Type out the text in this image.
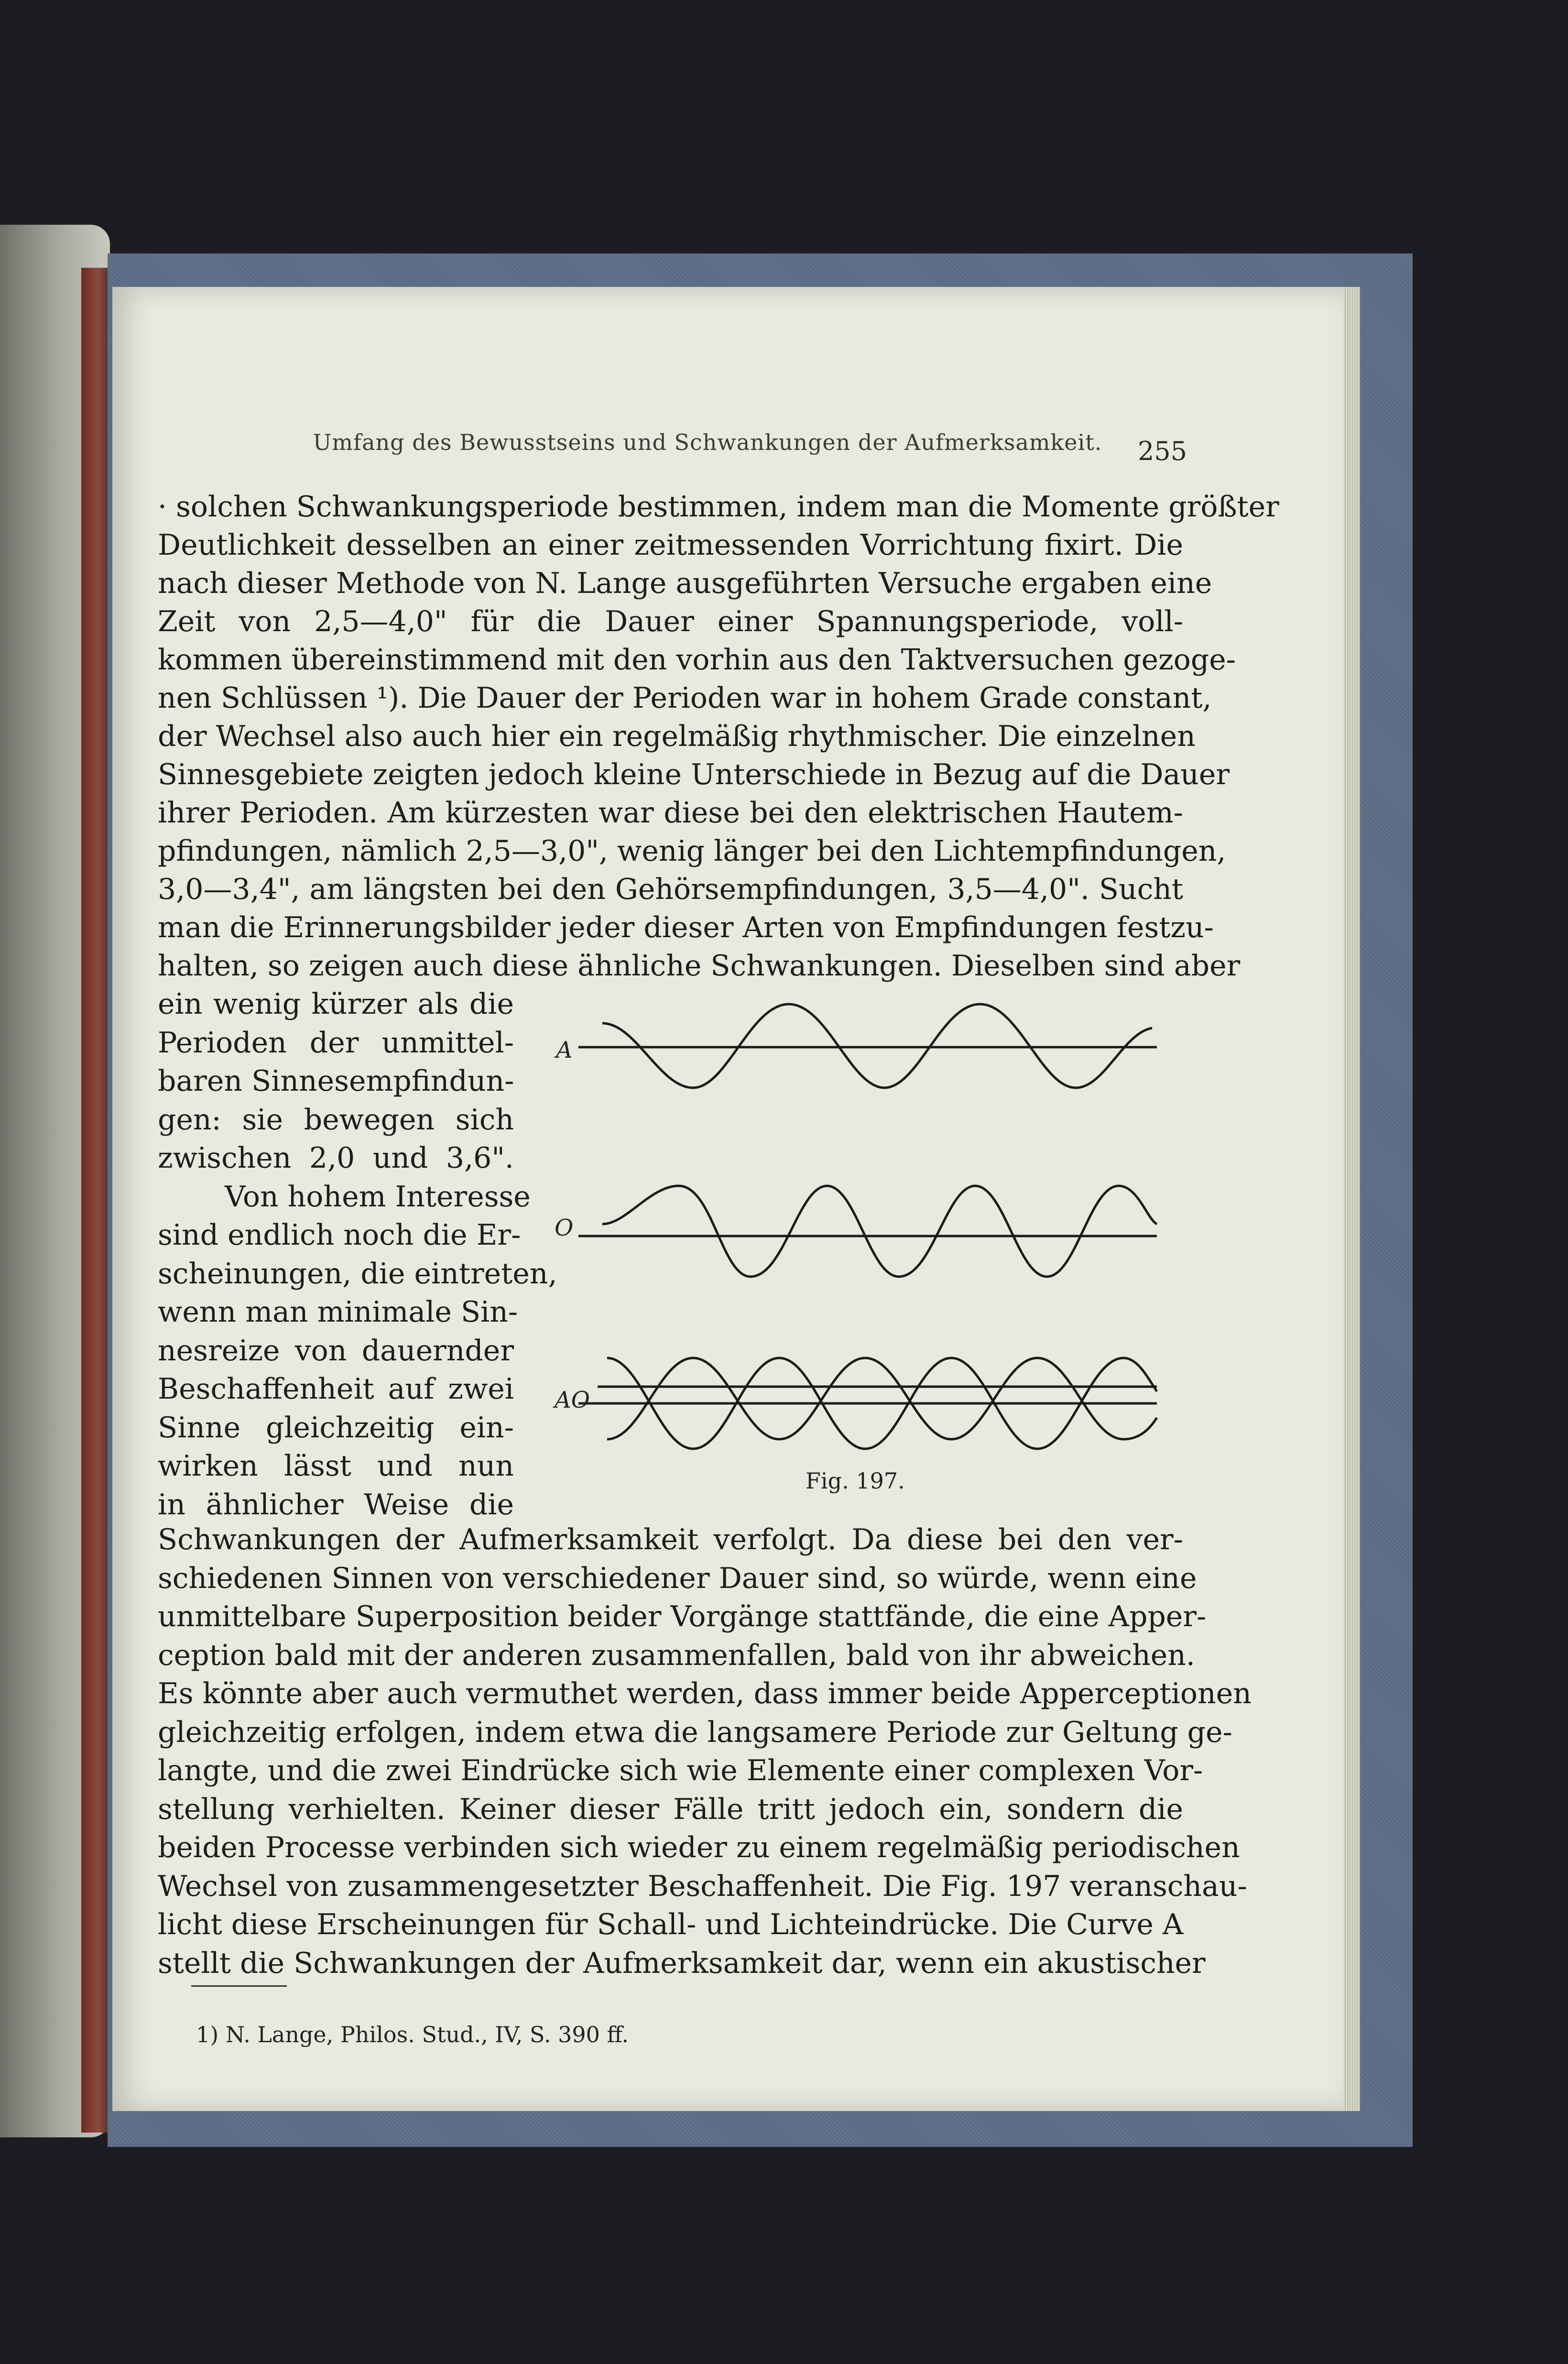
Umfang des Bewusstseins und Schwankungen der Aufmerksamkeit.	255
· solchen Schwankungsperiode bestimmen, indem man die Momente größter
Deutlichkeit desselben an einer zeitmessenden Vorrichtung fixirt. Die
nach dieser Methode von N. Lange ausgeführten Versuche ergaben eine
Zeit von 2,5—4,0" für die Dauer einer Spannungsperiode, voll-
kommen übereinstimmend mit den vorhin aus den Taktversuchen gezoge-
nen Schlüssen ¹). Die Dauer der Perioden war in hohem Grade constant,
der Wechsel also auch hier ein regelmäßig rhythmischer. Die einzelnen
Sinnesgebiete zeigten jedoch kleine Unterschiede in Bezug auf die Dauer
ihrer Perioden. Am kürzesten war diese bei den elektrischen Hautem-
pfindungen, nämlich 2,5—3,0", wenig länger bei den Lichtempfindungen,
3,0—3,4", am längsten bei den Gehörsempfindungen, 3,5—4,0". Sucht
man die Erinnerungsbilder jeder dieser Arten von Empfindungen festzu-
halten, so zeigen auch diese ähnliche Schwankungen. Dieselben sind aber
ein wenig kürzer als die
Perioden der unmittel-
baren Sinnesempfindun-
gen: sie bewegen sich
zwischen 2,0 und 3,6".
Von hohem Interesse
sind endlich noch die Er-
scheinungen, die eintreten,
wenn man minimale Sin-
nesreize von dauernder
Beschaffenheit auf zwei
Sinne gleichzeitig ein-
wirken lässt und nun
in ähnlicher Weise die
Schwankungen der Aufmerksamkeit verfolgt. Da diese bei den ver-
schiedenen Sinnen von verschiedener Dauer sind, so würde, wenn eine
unmittelbare Superposition beider Vorgänge stattfände, die eine Apper-
ception bald mit der anderen zusammenfallen, bald von ihr abweichen.
Es könnte aber auch vermuthet werden, dass immer beide Apperceptionen
gleichzeitig erfolgen, indem etwa die langsamere Periode zur Geltung ge-
langte, und die zwei Eindrücke sich wie Elemente einer complexen Vor-
stellung verhielten. Keiner dieser Fälle tritt jedoch ein, sondern die
beiden Processe verbinden sich wieder zu einem regelmäßig periodischen
Wechsel von zusammengesetzter Beschaffenheit. Die Fig. 197 veranschau-
licht diese Erscheinungen für Schall- und Lichteindrücke. Die Curve A
stellt die Schwankungen der Aufmerksamkeit dar, wenn ein akustischer
A
O
AO
Fig. 197.
1) N. Lange, Philos. Stud., IV, S. 390 ff.
